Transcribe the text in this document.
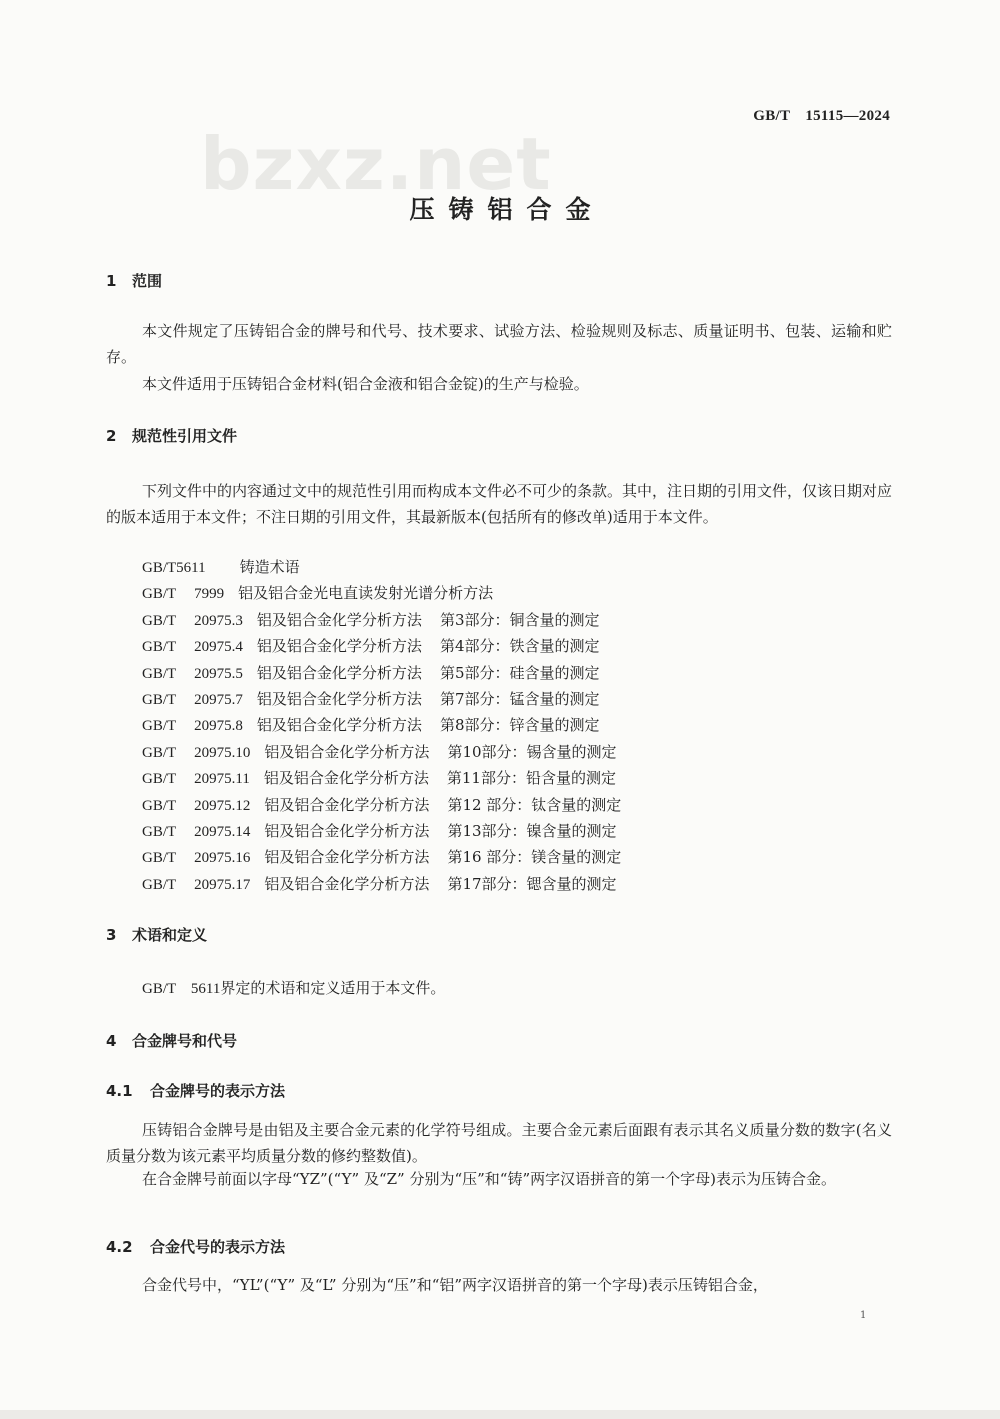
GB/T　15115—2024
bzxz.net
压铸铝合金
1 范围
本文件规定了压铸铝合金的牌号和代号、技术要求、试验方法、检验规则及标志、质量证明书、包装、运输和贮存。
本文件适用于压铸铝合金材料(铝合金液和铝合金锭)的生产与检验。
2 规范性引用文件
下列文件中的内容通过文中的规范性引用而构成本文件必不可少的条款。其中，注日期的引用文件，仅该日期对应的版本适用于本文件；不注日期的引用文件，其最新版本(包括所有的修改单)适用于本文件。
GB/T5611 铸造术语
GB/T 7999 铝及铝合金光电直读发射光谱分析方法
GB/T 20975.3 铝及铝合金化学分析方法 第3部分：铜含量的测定
GB/T 20975.4 铝及铝合金化学分析方法 第4部分：铁含量的测定
GB/T 20975.5 铝及铝合金化学分析方法 第5部分：硅含量的测定
GB/T 20975.7 铝及铝合金化学分析方法 第7部分：锰含量的测定
GB/T 20975.8 铝及铝合金化学分析方法 第8部分：锌含量的测定
GB/T 20975.10 铝及铝合金化学分析方法 第10部分：锡含量的测定
GB/T 20975.11 铝及铝合金化学分析方法 第11部分：铅含量的测定
GB/T 20975.12 铝及铝合金化学分析方法 第12 部分：钛含量的测定
GB/T 20975.14 铝及铝合金化学分析方法 第13部分：镍含量的测定
GB/T 20975.16 铝及铝合金化学分析方法 第16 部分：镁含量的测定
GB/T 20975.17 铝及铝合金化学分析方法 第17部分：锶含量的测定
3 术语和定义
GB/T　5611界定的术语和定义适用于本文件。
4 合金牌号和代号
4.1 合金牌号的表示方法
压铸铝合金牌号是由铝及主要合金元素的化学符号组成。主要合金元素后面跟有表示其名义质量分数的数字(名义质量分数为该元素平均质量分数的修约整数值)。
在合金牌号前面以字母“YZ”(“Y” 及“Z” 分别为“压”和“铸”两字汉语拼音的第一个字母)表示为压铸合金。
4.2 合金代号的表示方法
合金代号中，“YL”(“Y” 及“L” 分别为“压”和“铝”两字汉语拼音的第一个字母)表示压铸铝合金，
1
